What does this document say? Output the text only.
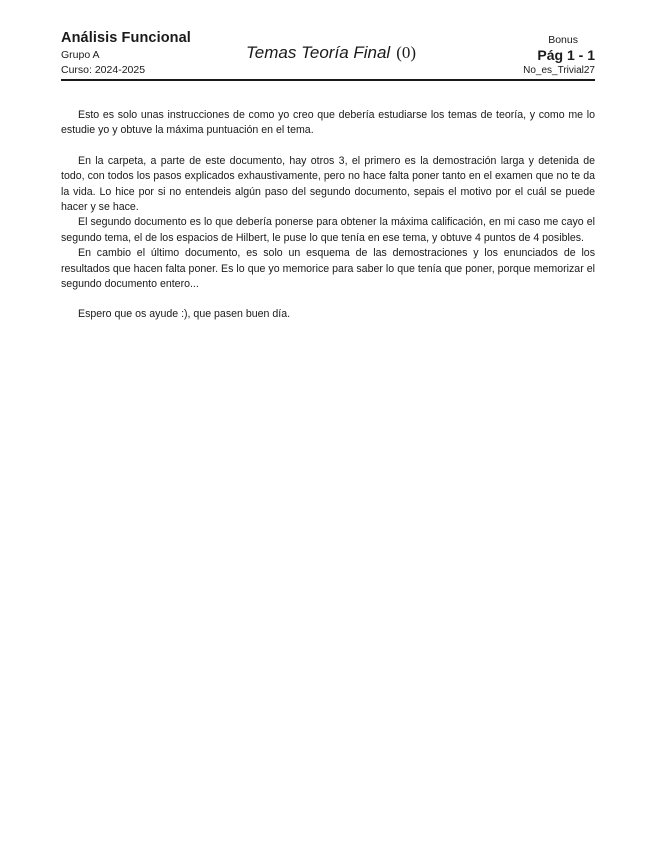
Análisis Funcional
Grupo A
Curso: 2024-2025
Temas Teoría Final (0)
Bonus
Pág 1 - 1
No_es_Trivial27

Esto es solo unas instrucciones de como yo creo que debería estudiarse los temas de teoría, y como me lo estudie yo y obtuve la máxima puntuación en el tema.

En la carpeta, a parte de este documento, hay otros 3, el primero es la demostración larga y detenida de todo, con todos los pasos explicados exhaustivamente, pero no hace falta poner tanto en el examen que no te da la vida. Lo hice por si no entendeis algún paso del segundo documento, sepais el motivo por el cuál se puede hacer y se hace.

El segundo documento es lo que debería ponerse para obtener la máxima calificación, en mi caso me cayo el segundo tema, el de los espacios de Hilbert, le puse lo que tenía en ese tema, y obtuve 4 puntos de 4 posibles.

En cambio el último documento, es solo un esquema de las demostraciones y los enunciados de los resultados que hacen falta poner. Es lo que yo memorice para saber lo que tenía que poner, porque memorizar el segundo documento entero...

Espero que os ayude :), que pasen buen día.
